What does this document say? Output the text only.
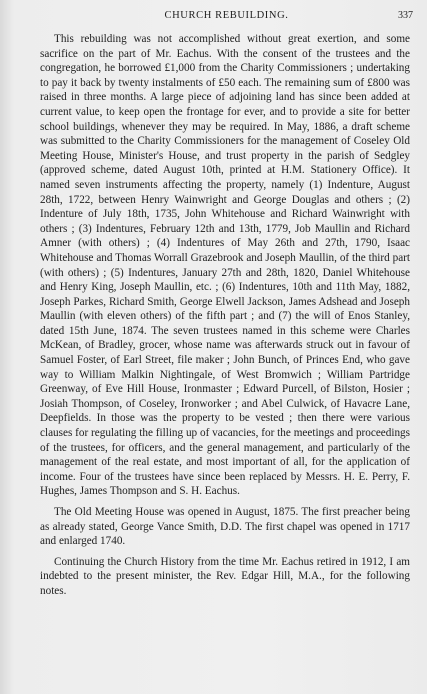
CHURCH REBUILDING.	337

This rebuilding was not accomplished without great exertion, and some sacrifice on the part of Mr. Eachus. With the consent of the trustees and the congregation, he borrowed £1,000 from the Charity Commissioners ; undertaking to pay it back by twenty instalments of £50 each. The remaining sum of £800 was raised in three months. A large piece of adjoining land has since been added at current value, to keep open the frontage for ever, and to provide a site for better school buildings, whenever they may be required. In May, 1886, a draft scheme was submitted to the Charity Commissioners for the management of Coseley Old Meeting House, Minister's House, and trust property in the parish of Sedgley (approved scheme, dated August 10th, printed at H.M. Stationery Office). It named seven instruments affecting the property, namely (1) Indenture, August 28th, 1722, between Henry Wainwright and George Douglas and others ; (2) Indenture of July 18th, 1735, John Whitehouse and Richard Wainwright with others ; (3) Indentures, February 12th and 13th, 1779, Job Maullin and Richard Amner (with others) ; (4) Indentures of May 26th and 27th, 1790, Isaac Whitehouse and Thomas Worrall Grazebrook and Joseph Maullin, of the third part (with others) ; (5) Indentures, January 27th and 28th, 1820, Daniel Whitehouse and Henry King, Joseph Maullin, etc. ; (6) Indentures, 10th and 11th May, 1882, Joseph Parkes, Richard Smith, George Elwell Jackson, James Adshead and Joseph Maullin (with eleven others) of the fifth part ; and (7) the will of Enos Stanley, dated 15th June, 1874. The seven trustees named in this scheme were Charles McKean, of Bradley, grocer, whose name was afterwards struck out in favour of Samuel Foster, of Earl Street, file maker ; John Bunch, of Princes End, who gave way to William Malkin Nightingale, of West Bromwich ; William Partridge Greenway, of Eve Hill House, Ironmaster ; Edward Purcell, of Bilston, Hosier ; Josiah Thompson, of Coseley, Ironworker ; and Abel Culwick, of Havacre Lane, Deepfields. In those was the property to be vested ; then there were various clauses for regulating the filling up of vacancies, for the meetings and proceedings of the trustees, for officers, and the general management, and particularly of the management of the real estate, and most important of all, for the application of income. Four of the trustees have since been replaced by Messrs. H. E. Perry, F. Hughes, James Thompson and S. H. Eachus.

The Old Meeting House was opened in August, 1875. The first preacher being as already stated, George Vance Smith, D.D. The first chapel was opened in 1717 and enlarged 1740.

Continuing the Church History from the time Mr. Eachus retired in 1912, I am indebted to the present minister, the Rev. Edgar Hill, M.A., for the following notes.
